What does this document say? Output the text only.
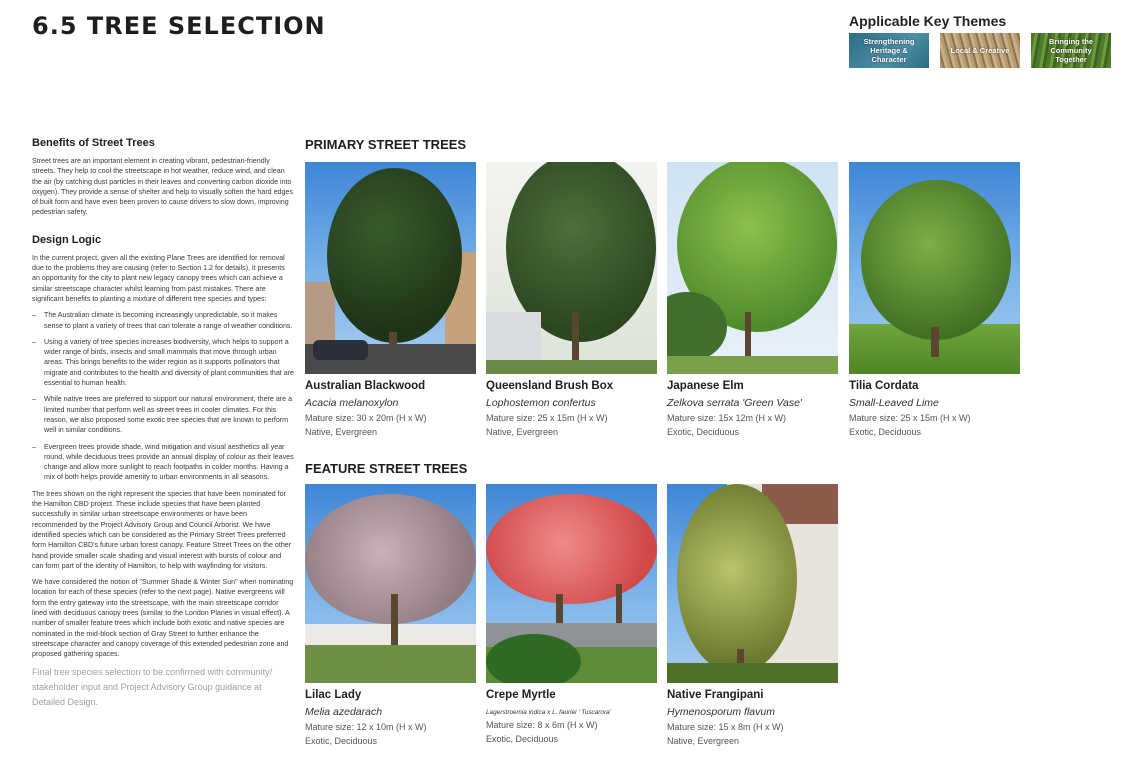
6.5 TREE SELECTION	Applicable Key Themes
Strengthening Heritage & Character
Local & Creative
Bringing the Community Together
Benefits of Street Trees

Street trees are an important element in creating vibrant, pedestrian-friendly streets. They help to cool the streetscape in hot weather, reduce wind, and clean the air (by catching dust particles in their leaves and converting carbon dioxide into oxygen). They provide a sense of shelter and help to visually soften the hard edges of built form and have even been proven to cause drivers to slow down, improving pedestrian safety.

Design Logic

In the current project, given all the existing Plane Trees are identified for removal due to the problems they are causing (refer to Section 1.2 for details), it presents an opportunity for the city to plant new legacy canopy trees which can achieve a similar streetscape character whilst learning from past mistakes. There are significant benefits to planting a mixture of different tree species and types:

– The Australian climate is becoming increasingly unpredictable, so it makes sense to plant a variety of trees that can tolerate a range of weather conditions.
– Using a variety of tree species increases biodiversity, which helps to support a wider range of birds, insects and small mammals that move through urban areas. This brings benefits to the wider region as it supports pollinators that migrate and contributes to the health and diversity of plant communities that are essential to human health.
– While native trees are preferred to support our natural environment, there are a limited number that perform well as street trees in cooler climates. For this reason, we also proposed some exotic tree species that are known to perform well in similar conditions.
– Evergreen trees provide shade, wind mitigation and visual aesthetics all year round, while deciduous trees provide an annual display of colour as their leaves change and allow more sunlight to reach footpaths in colder months. Having a mix of both helps provide amenity to urban environments in all seasons.

The trees shown on the right represent the species that have been nominated for the Hamilton CBD project. These include species that have been planted successfully in similar urban streetscape environments or have been recommended by the Project Advisory Group and Council Arborist. We have identified species which can be considered as the Primary Street Trees preferred form Hamilton CBD's future urban forest canopy. Feature Street Trees on the other hand provide smaller scale shading and visual interest with bursts of colour and can form part of the identity of Hamilton, to help with wayfinding for visitors.

We have considered the notion of "Summer Shade & Winter Sun" when nominating location for each of these species (refer to the next page). Native evergreens will form the entry gateway into the streetscape, with the main streetscape corridor lined with deciduous canopy trees (similar to the London Planes in visual effect). A number of smaller feature trees which include both exotic and native species are nominated in the mid-block section of Gray Street to further enhance the streetscape character and canopy coverage of this extended pedestrian zone and proposed gathering spaces.

Final tree species selection to be confirmed with community/ stakeholder input and Project Advisory Group guidance at Detailed Design.

PRIMARY STREET TREES
Australian Blackwood
Acacia melanoxylon
Mature size: 30 x 20m (H x W)
Native, Evergreen
Queensland Brush Box
Lophostemon confertus
Mature size: 25 x 15m (H x W)
Native, Evergreen
Japanese Elm
Zelkova serrata 'Green Vase'
Mature size: 15x 12m (H x W)
Exotic, Deciduous
Tilia Cordata
Small-Leaved Lime
Mature size: 25 x 15m (H x W)
Exotic, Deciduous
FEATURE STREET TREES
Lilac Lady
Melia azedarach
Mature size: 12 x 10m (H x W)
Exotic, Deciduous
Crepe Myrtle
Lagerstroemia indica x L. fauriei ' Tuscarora'
Mature size: 8 x 6m (H x W)
Exotic, Deciduous
Native Frangipani
Hymenosporum flavum
Mature size: 15 x 8m (H x W)
Native, Evergreen
